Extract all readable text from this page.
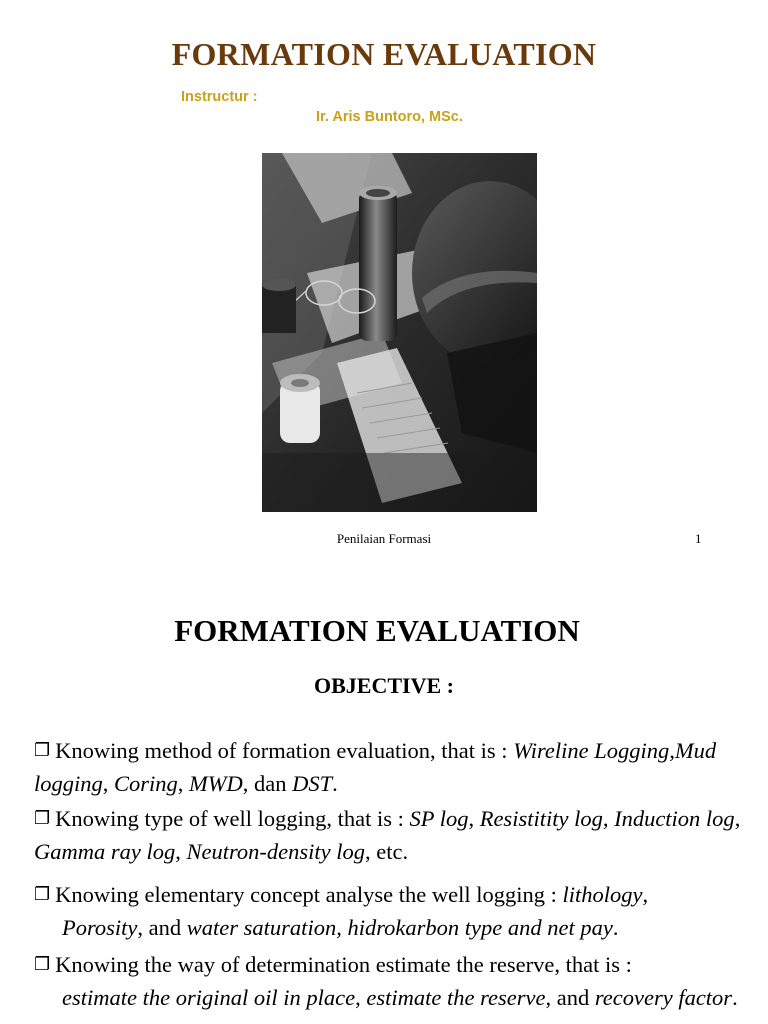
FORMATION EVALUATION
Instructur :
Ir. Aris Buntoro, MSc.
Penilaian Formasi	1
FORMATION EVALUATION
OBJECTIVE :
❐ Knowing method of formation evaluation, that is : Wireline Logging,Mud logging, Coring, MWD, dan DST.
❐ Knowing type of well logging, that is : SP log, Resistitity log, Induction log, Gamma ray log, Neutron-density log, etc.
❐ Knowing elementary concept analyse the well logging : lithology,
Porosity, and water saturation, hidrokarbon type and net pay.
❐ Knowing the way of determination estimate the reserve, that is :
estimate the original oil in place, estimate the reserve, and recovery factor.
